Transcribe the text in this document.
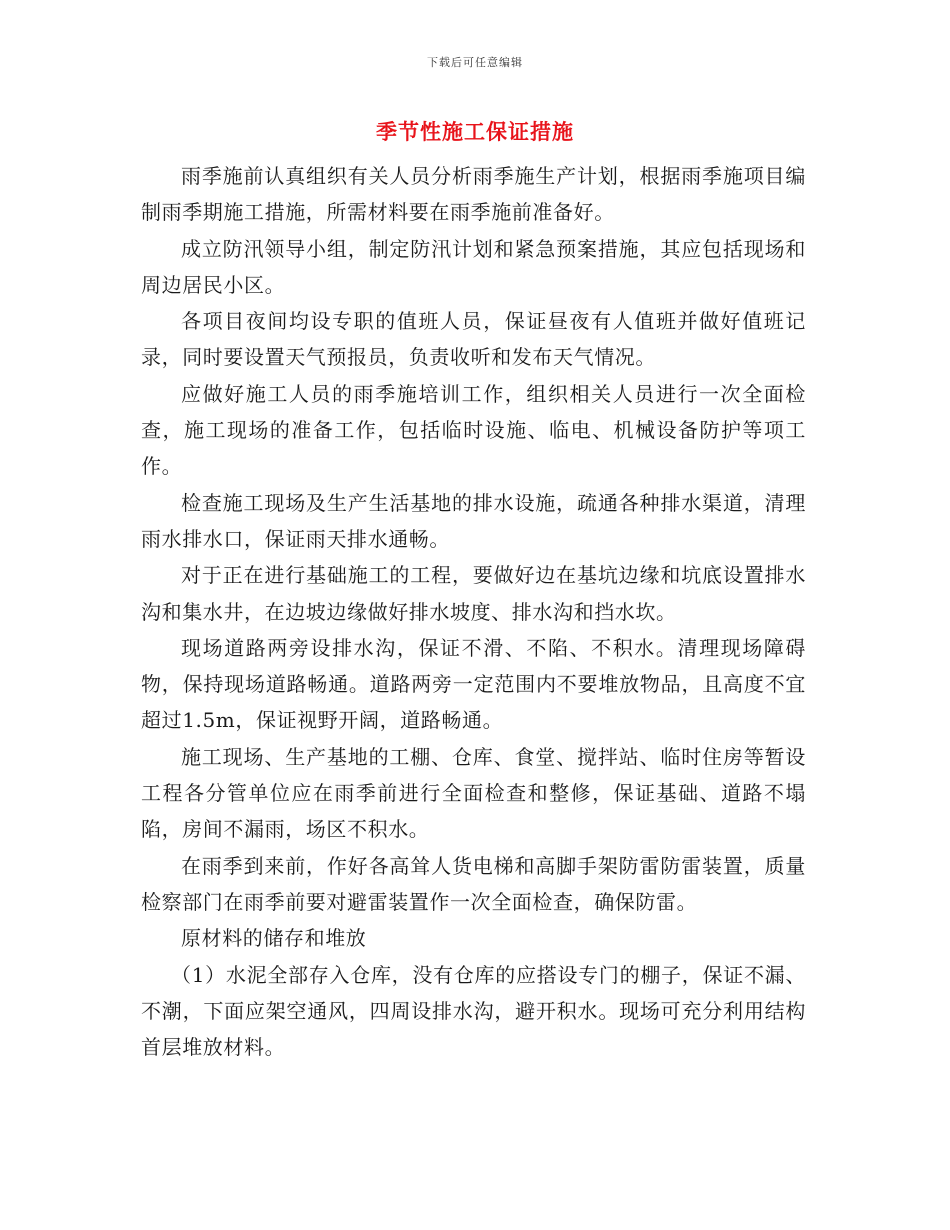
下载后可任意编辑
季节性施工保证措施

雨季施前认真组织有关人员分析雨季施生产计划，根据雨季施项目编制雨季期施工措施，所需材料要在雨季施前准备好。

成立防汛领导小组，制定防汛计划和紧急预案措施，其应包括现场和周边居民小区。

各项目夜间均设专职的值班人员，保证昼夜有人值班并做好值班记录，同时要设置天气预报员，负责收听和发布天气情况。

应做好施工人员的雨季施培训工作，组织相关人员进行一次全面检查，施工现场的准备工作，包括临时设施、临电、机械设备防护等项工作。

检查施工现场及生产生活基地的排水设施，疏通各种排水渠道，清理雨水排水口，保证雨天排水通畅。

对于正在进行基础施工的工程，要做好边在基坑边缘和坑底设置排水沟和集水井，在边坡边缘做好排水坡度、排水沟和挡水坎。

现场道路两旁设排水沟，保证不滑、不陷、不积水。清理现场障碍物，保持现场道路畅通。道路两旁一定范围内不要堆放物品，且高度不宜超过1.5m，保证视野开阔，道路畅通。

施工现场、生产基地的工棚、仓库、食堂、搅拌站、临时住房等暂设工程各分管单位应在雨季前进行全面检查和整修，保证基础、道路不塌陷，房间不漏雨，场区不积水。

在雨季到来前，作好各高耸人货电梯和高脚手架防雷防雷装置，质量检察部门在雨季前要对避雷装置作一次全面检查，确保防雷。

原材料的储存和堆放

（1）水泥全部存入仓库，没有仓库的应搭设专门的棚子，保证不漏、不潮，下面应架空通风，四周设排水沟，避开积水。现场可充分利用结构首层堆放材料。
